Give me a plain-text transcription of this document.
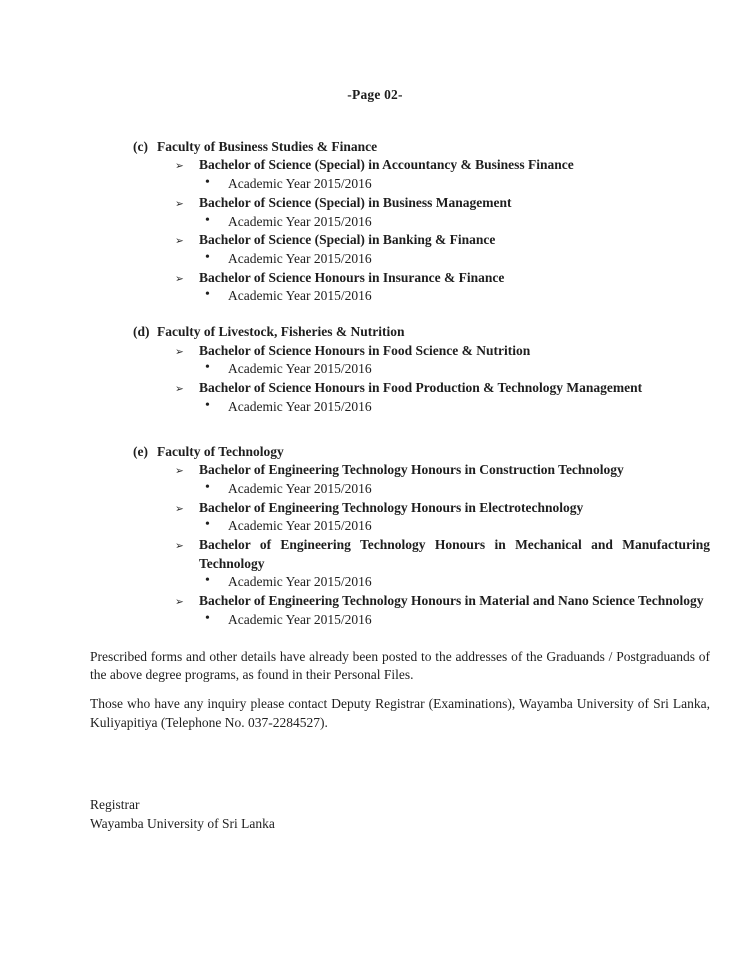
-Page 02-
(c) Faculty of Business Studies & Finance
➢ Bachelor of Science (Special) in Accountancy & Business Finance
• Academic Year 2015/2016
➢ Bachelor of Science (Special) in Business Management
• Academic Year 2015/2016
➢ Bachelor of Science (Special) in Banking & Finance
• Academic Year 2015/2016
➢ Bachelor of Science Honours in Insurance & Finance
• Academic Year 2015/2016
(d) Faculty of Livestock, Fisheries & Nutrition
➢ Bachelor of Science Honours in Food Science & Nutrition
• Academic Year 2015/2016
➢ Bachelor of Science Honours in Food Production & Technology Management
• Academic Year 2015/2016
(e) Faculty of Technology
➢ Bachelor of Engineering Technology Honours in Construction Technology
• Academic Year 2015/2016
➢ Bachelor of Engineering Technology Honours in Electrotechnology
• Academic Year 2015/2016
➢ Bachelor of Engineering Technology Honours in Mechanical and Manufacturing Technology
• Academic Year 2015/2016
➢ Bachelor of Engineering Technology Honours in Material and Nano Science Technology
• Academic Year 2015/2016

Prescribed forms and other details have already been posted to the addresses of the Graduands / Postgraduands of the above degree programs, as found in their Personal Files.

Those who have any inquiry please contact Deputy Registrar (Examinations), Wayamba University of Sri Lanka, Kuliyapitiya (Telephone No. 037-2284527).

Registrar
Wayamba University of Sri Lanka
